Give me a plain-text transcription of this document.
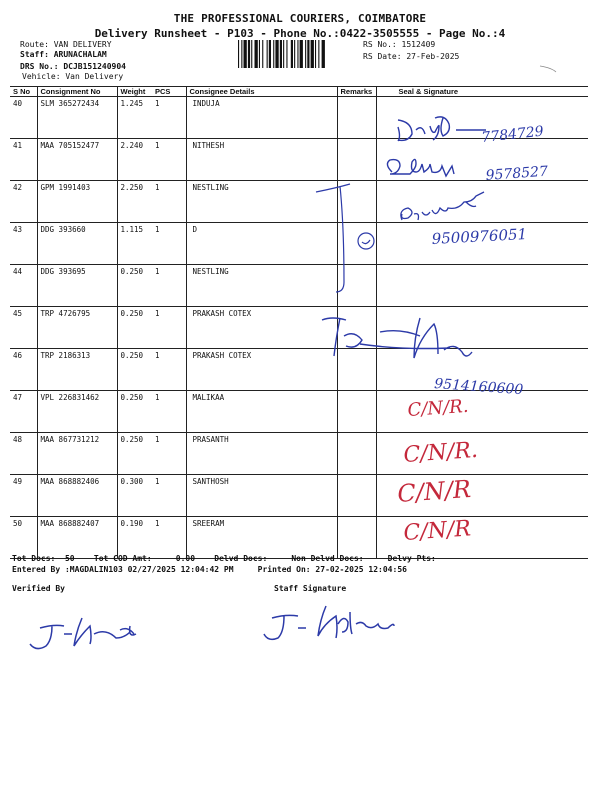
THE PROFESSIONAL COURIERS, COIMBATORE
Delivery Runsheet - P103 - Phone No.:0422-3505555 - Page No.:4
Route: VAN DELIVERY
Staff: ARUNACHALAM
DRS No.: DCJB151240904
Vehicle: Van Delivery
RS No.: 1512409
RS Date: 27-Feb-2025
S No	Consignment No	Weight	PCS	Consignee Details	Remarks	Seal & Signature
40	SLM 365272434	1.245	1	INDUJA		
41	MAA 705152477	2.240	1	NITHESH		
42	GPM 1991403	2.250	1	NESTLING		
43	DDG 393660	1.115	1	D		
44	DDG 393695	0.250	1	NESTLING		
45	TRP 4726795	0.250	1	PRAKASH COTEX		
46	TRP 2186313	0.250	1	PRAKASH COTEX		
47	VPL 226831462	0.250	1	MALIKAA		
48	MAA 867731212	0.250	1	PRASANTH		
49	MAA 868882406	0.300	1	SANTHOSH		
50	MAA 868882407	0.190	1	SREERAM		
Tot Docs:  50    Tot COD Amt:     0.00    Delvd Docs:     Non Delvd Docs:     Delvy Pts:
Entered By :MAGDALIN103 02/27/2025 12:04:42 PM     Printed On: 27-02-2025 12:04:56
Verified By	Staff Signature
7784729
9578527
9500976051
9514160600
C/N/R.
C/N/R.
C/N/R
C/N/R
